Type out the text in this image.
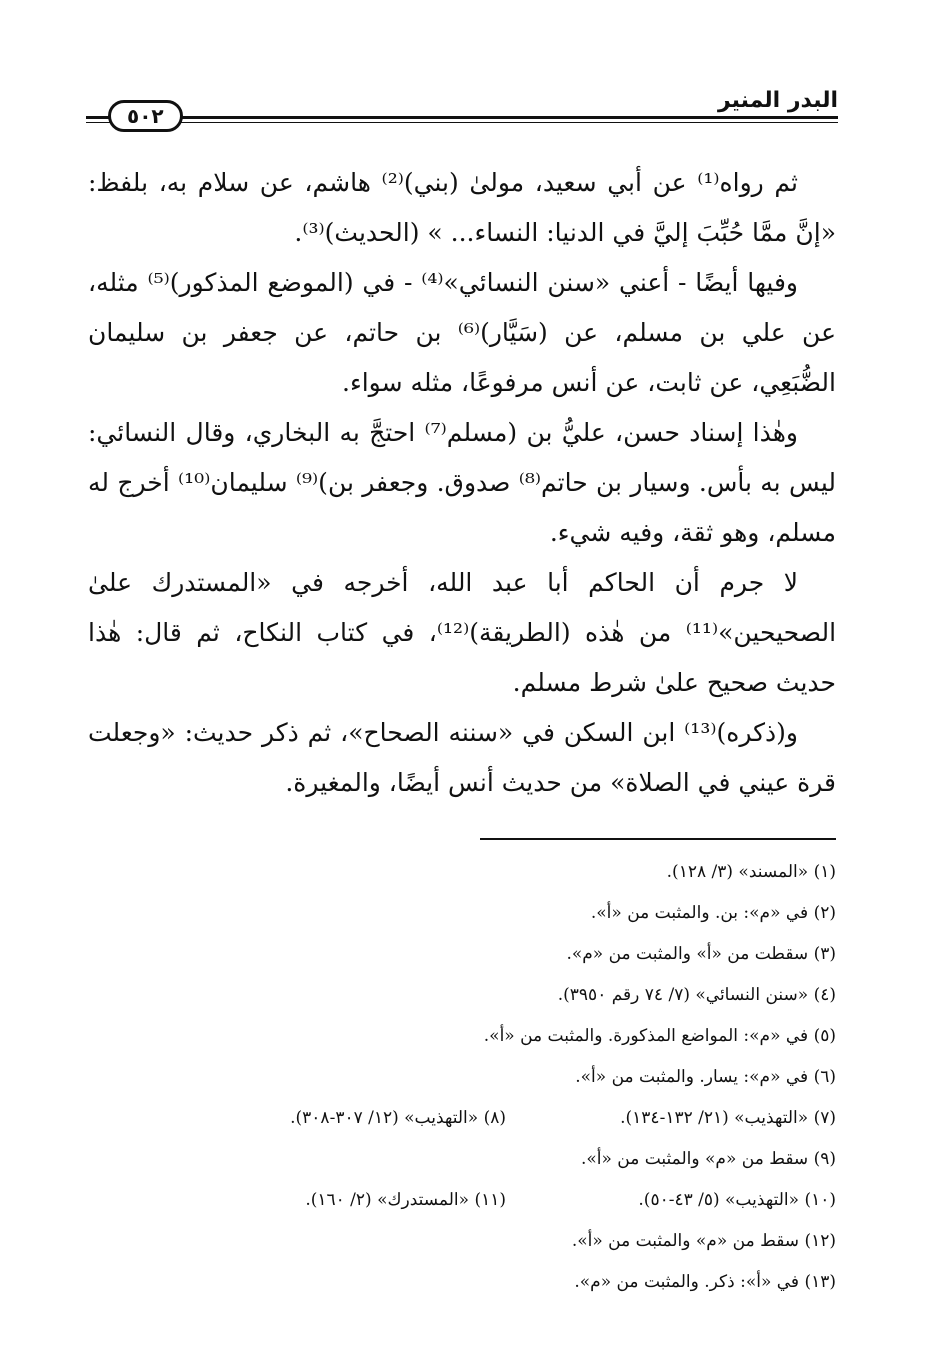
البدر المنير
٥٠٢

ثم رواه⁽¹⁾ عن أبي سعيد، مولىٰ (بني)⁽²⁾ هاشم، عن سلام به، بلفظ: «إنَّ ممَّا حُبِّبَ إليَّ في الدنيا: النساء... » (الحديث)⁽³⁾.

وفيها أيضًا - أعني «سنن النسائي»⁽⁴⁾ - في (الموضع المذكور)⁽⁵⁾ مثله، عن علي بن مسلم، عن (سَيَّار)⁽⁶⁾ بن حاتم، عن جعفر بن سليمان الضُّبَعِي، عن ثابت، عن أنس مرفوعًا، مثله سواء.

وهٰذا إسناد حسن، عليُّ بن (مسلم⁽⁷⁾ احتجَّ به البخاري، وقال النسائي: ليس به بأس. وسيار بن حاتم⁽⁸⁾ صدوق. وجعفر بن)⁽⁹⁾ سليمان⁽¹⁰⁾ أخرج له مسلم، وهو ثقة، وفيه شيء.

لا جرم أن الحاكم أبا عبد الله، أخرجه في «المستدرك علىٰ الصحيحين»⁽¹¹⁾ من هٰذه (الطريقة)⁽¹²⁾، في كتاب النكاح، ثم قال: هٰذا حديث صحيح علىٰ شرط مسلم.

و(ذكره)⁽¹³⁾ ابن السكن في «سننه الصحاح»، ثم ذكر حديث: «وجعلت قرة عيني في الصلاة» من حديث أنس أيضًا، والمغيرة.

(١) «المسند» (٣/ ١٢٨).
(٢) في «م»: بن. والمثبت من «أ».
(٣) سقطت من «أ» والمثبت من «م».
(٤) «سنن النسائي» (٧/ ٧٤ رقم ٣٩٥٠).
(٥) في «م»: المواضع المذكورة. والمثبت من «أ».
(٦) في «م»: يسار. والمثبت من «أ».
(٧) «التهذيب» (٢١/ ١٣٢-١٣٤).
(٨) «التهذيب» (١٢/ ٣٠٧-٣٠٨).
(٩) سقط من «م» والمثبت من «أ».
(١٠) «التهذيب» (٥/ ٤٣-٥٠).
(١١) «المستدرك» (٢/ ١٦٠).
(١٢) سقط من «م» والمثبت من «أ».
(١٣) في «أ»: ذكر. والمثبت من «م».
